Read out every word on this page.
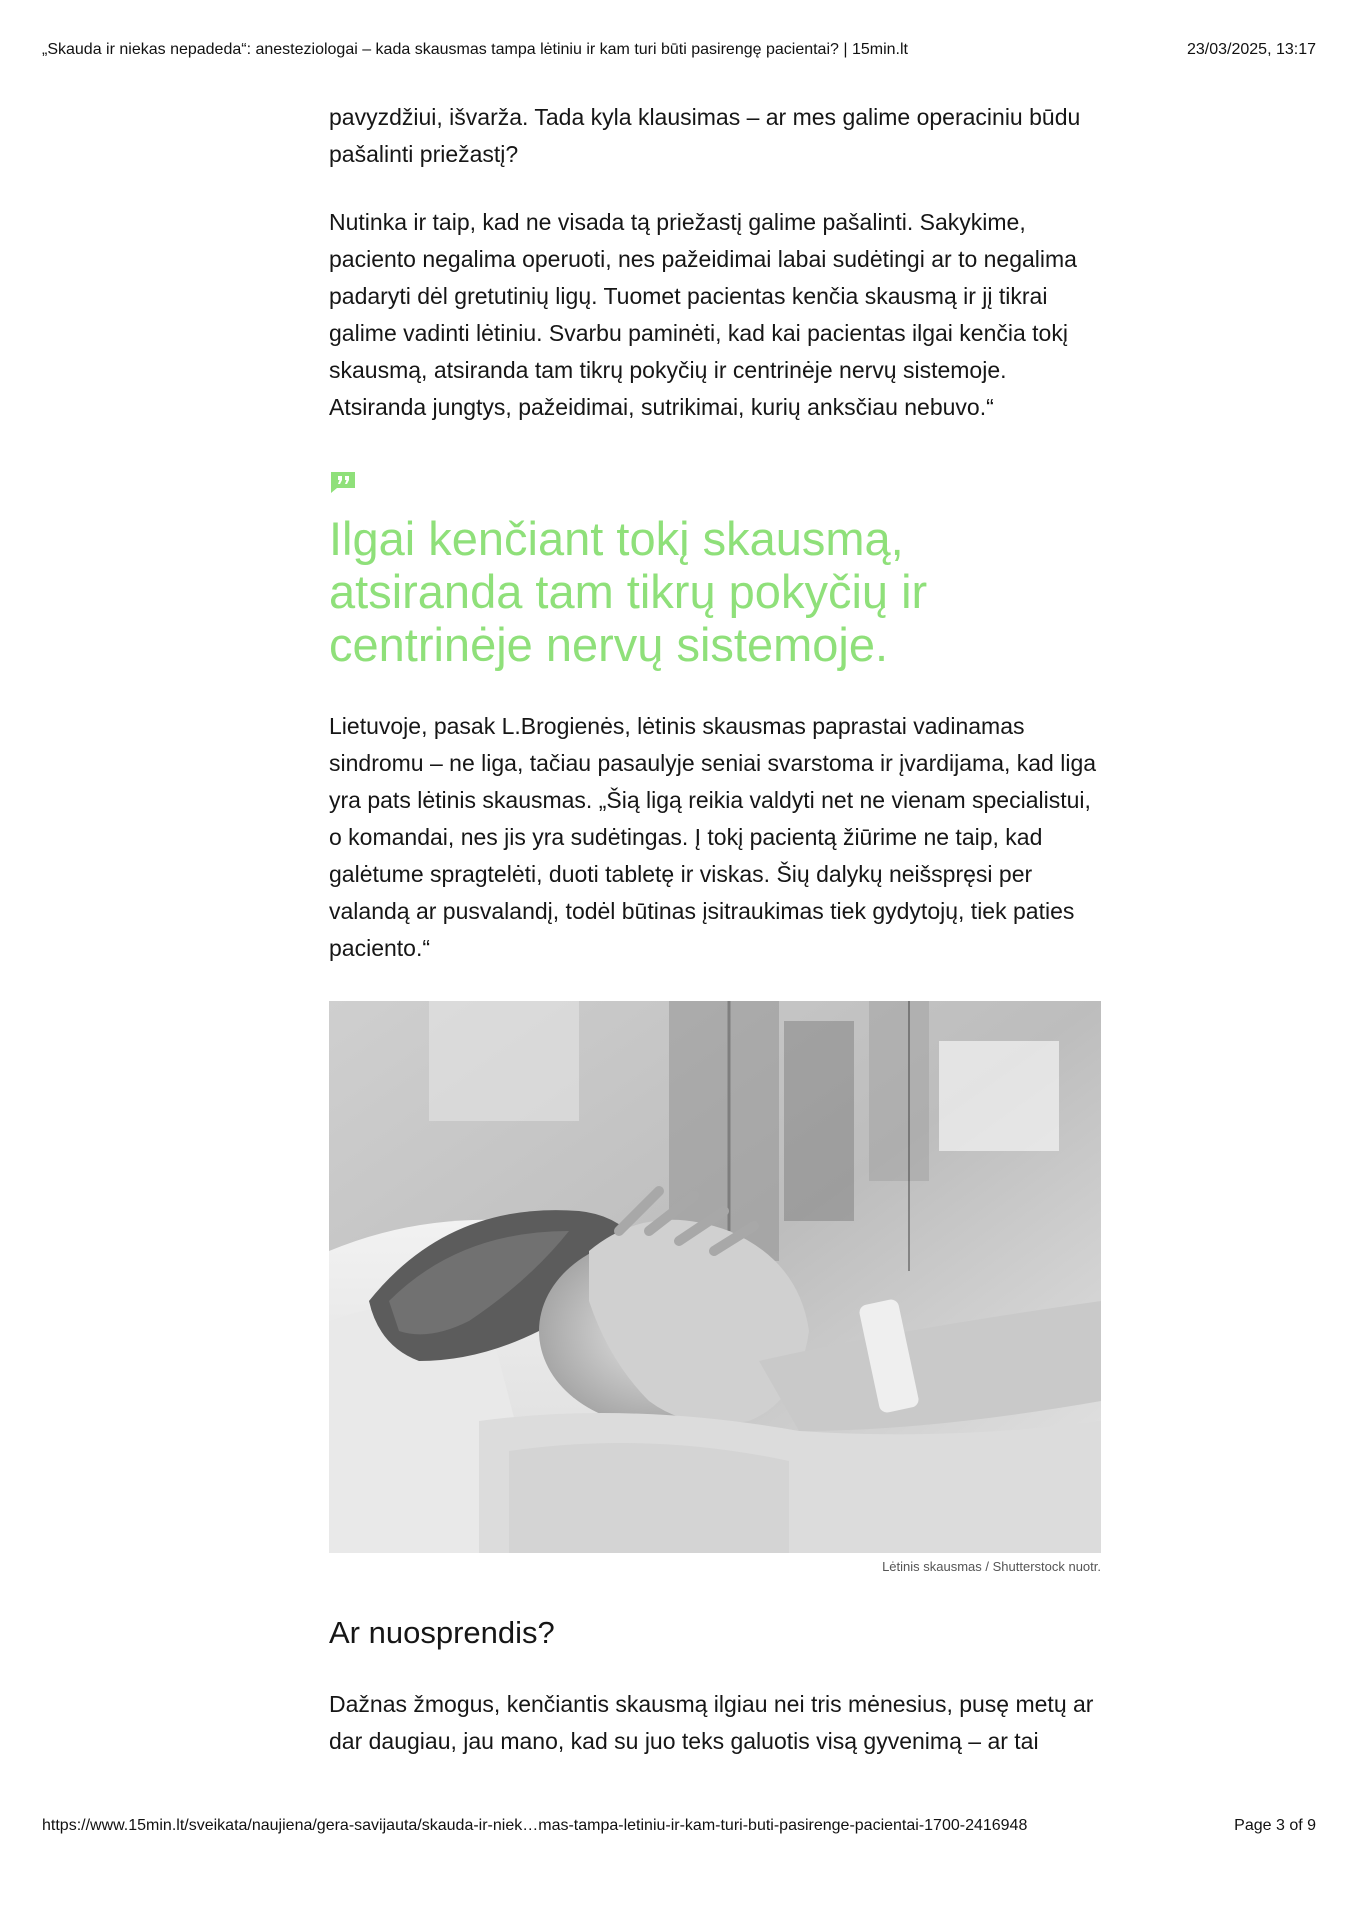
„Skauda ir niekas nepadeda“: anesteziologai – kada skausmas tampa lėtiniu ir kam turi būti pasirengę pacientai? | 15min.lt	23/03/2025, 13:17

pavyzdžiui, išvarža. Tada kyla klausimas – ar mes galime operaciniu būdu pašalinti priežastį?

Nutinka ir taip, kad ne visada tą priežastį galime pašalinti. Sakykime, paciento negalima operuoti, nes pažeidimai labai sudėtingi ar to negalima padaryti dėl gretutinių ligų. Tuomet pacientas kenčia skausmą ir jį tikrai galime vadinti lėtiniu. Svarbu paminėti, kad kai pacientas ilgai kenčia tokį skausmą, atsiranda tam tikrų pokyčių ir centrinėje nervų sistemoje. Atsiranda jungtys, pažeidimai, sutrikimai, kurių anksčiau nebuvo.“

Ilgai kenčiant tokį skausmą, atsiranda tam tikrų pokyčių ir centrinėje nervų sistemoje.

Lietuvoje, pasak L.Brogienės, lėtinis skausmas paprastai vadinamas sindromu – ne liga, tačiau pasaulyje seniai svarstoma ir įvardijama, kad liga yra pats lėtinis skausmas. „Šią ligą reikia valdyti net ne vienam specialistui, o komandai, nes jis yra sudėtingas. Į tokį pacientą žiūrime ne taip, kad galėtume spragtelėti, duoti tabletę ir viskas. Šių dalykų neišspręsi per valandą ar pusvalandį, todėl būtinas įsitraukimas tiek gydytojų, tiek paties paciento.“

Lėtinis skausmas / Shutterstock nuotr.
Ar nuosprendis?

Dažnas žmogus, kenčiantis skausmą ilgiau nei tris mėnesius, pusę metų ar dar daugiau, jau mano, kad su juo teks galuotis visą gyvenimą – ar tai

https://www.15min.lt/sveikata/naujiena/gera-savijauta/skauda-ir-niek…mas-tampa-letiniu-ir-kam-turi-buti-pasirenge-pacientai-1700-2416948	Page 3 of 9
